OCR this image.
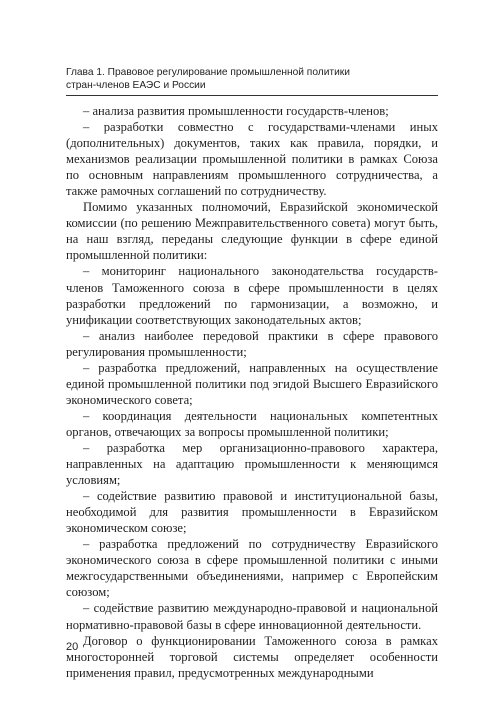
Глава 1. Правовое регулирование промышленной политики
стран-членов ЕАЭС и России

– анализа развития промышленности государств-членов;

– разработки совместно с государствами-членами иных (дополнительных) документов, таких как правила, порядки, и механизмов реализации промышленной политики в рамках Союза по основным направлениям промышленного сотрудничества, а также рамочных соглашений по сотрудничеству.

Помимо указанных полномочий, Евразийской экономической комиссии (по решению Межправительственного совета) могут быть, на наш взгляд, переданы следующие функции в сфере единой промышленной политики:

– мониторинг национального законодательства государств-членов Таможенного союза в сфере промышленности в целях разработки предложений по гармонизации, а возможно, и унификации соответствующих законодательных актов;

– анализ наиболее передовой практики в сфере правового регулирования промышленности;

– разработка предложений, направленных на осуществление единой промышленной политики под эгидой Высшего Евразийского экономического совета;

– координация деятельности национальных компетентных органов, отвечающих за вопросы промышленной политики;

– разработка мер организационно-правового характера, направленных на адаптацию промышленности к меняющимся условиям;

– содействие развитию правовой и институциональной базы, необходимой для развития промышленности в Евразийском экономическом союзе;

– разработка предложений по сотрудничеству Евразийского экономического союза в сфере промышленной политики с иными межгосударственными объединениями, например с Европейским союзом;

– содействие развитию международно-правовой и национальной нормативно-правовой базы в сфере инновационной деятельности.

Договор о функционировании Таможенного союза в рамках многосторонней торговой системы определяет особенности применения правил, предусмотренных международными

20
